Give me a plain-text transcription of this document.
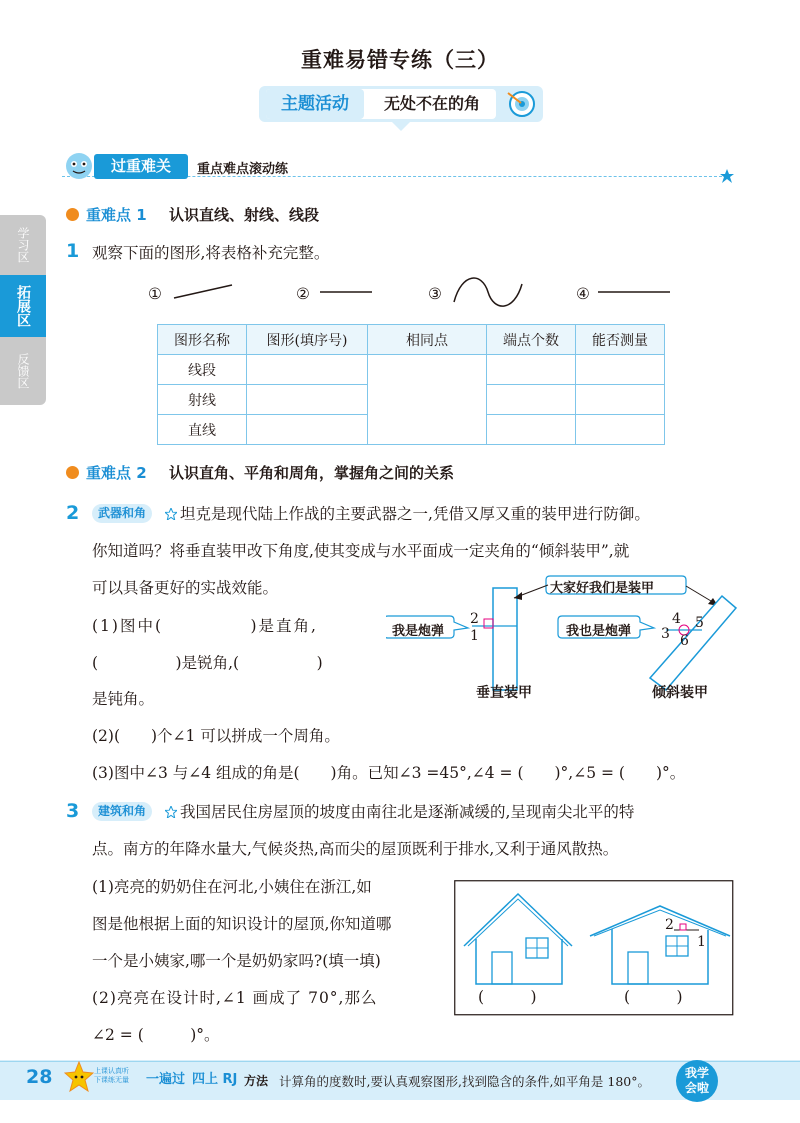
重难易错专练（三）
主题活动	无处不在的角
过重难关	重点难点滚动练
学习区
拓展区
反馈区
重难点 1 认识直线、射线、线段
1 观察下面的图形,将表格补充完整。
①	②	③	④
图形名称	图形(填序号)	相同点	端点个数	能否测量
线段				
射线				
直线				
重难点 2 认识直角、平角和周角，掌握角之间的关系
2	武器和角	坦克是现代陆上作战的主要武器之一,凭借又厚又重的装甲进行防御。
你知道吗？将垂直装甲改下角度,使其变成与水平面成一定夹角的“倾斜装甲”,就
可以具备更好的实战效能。
(1)图中(　　　　　)是直角,
(　　　　　)是锐角,(　　　　　)
是钝角。
(2)(　　)个∠1 可以拼成一个周角。
(3)图中∠3 与∠4 组成的角是(　　)角。已知∠3 =45°,∠4 = (　　)°,∠5 = (　　)°。
我是炮弹
大家好我们是装甲
我也是炮弹
2
1
4 5
3 6
垂直装甲	倾斜装甲
3	建筑和角	我国居民住房屋顶的坡度由南往北是逐渐减缓的,呈现南尖北平的特
点。南方的年降水量大,气候炎热,高而尖的屋顶既利于排水,又利于通风散热。
(1)亮亮的奶奶住在河北,小姨住在浙江,如
图是他根据上面的知识设计的屋顶,你知道哪
一个是小姨家,哪一个是奶奶家吗?(填一填)
(2)亮亮在设计时,∠1 画成了 70°,那么
∠2 = (　　　)°。
2
1
(　　　)	(　　　)
28	上课认真听
下课练无量 一遍过 四上 RJ 方法 计算角的度数时,要认真观察图形,找到隐含的条件,如平角是 180°。
我学
会啦
